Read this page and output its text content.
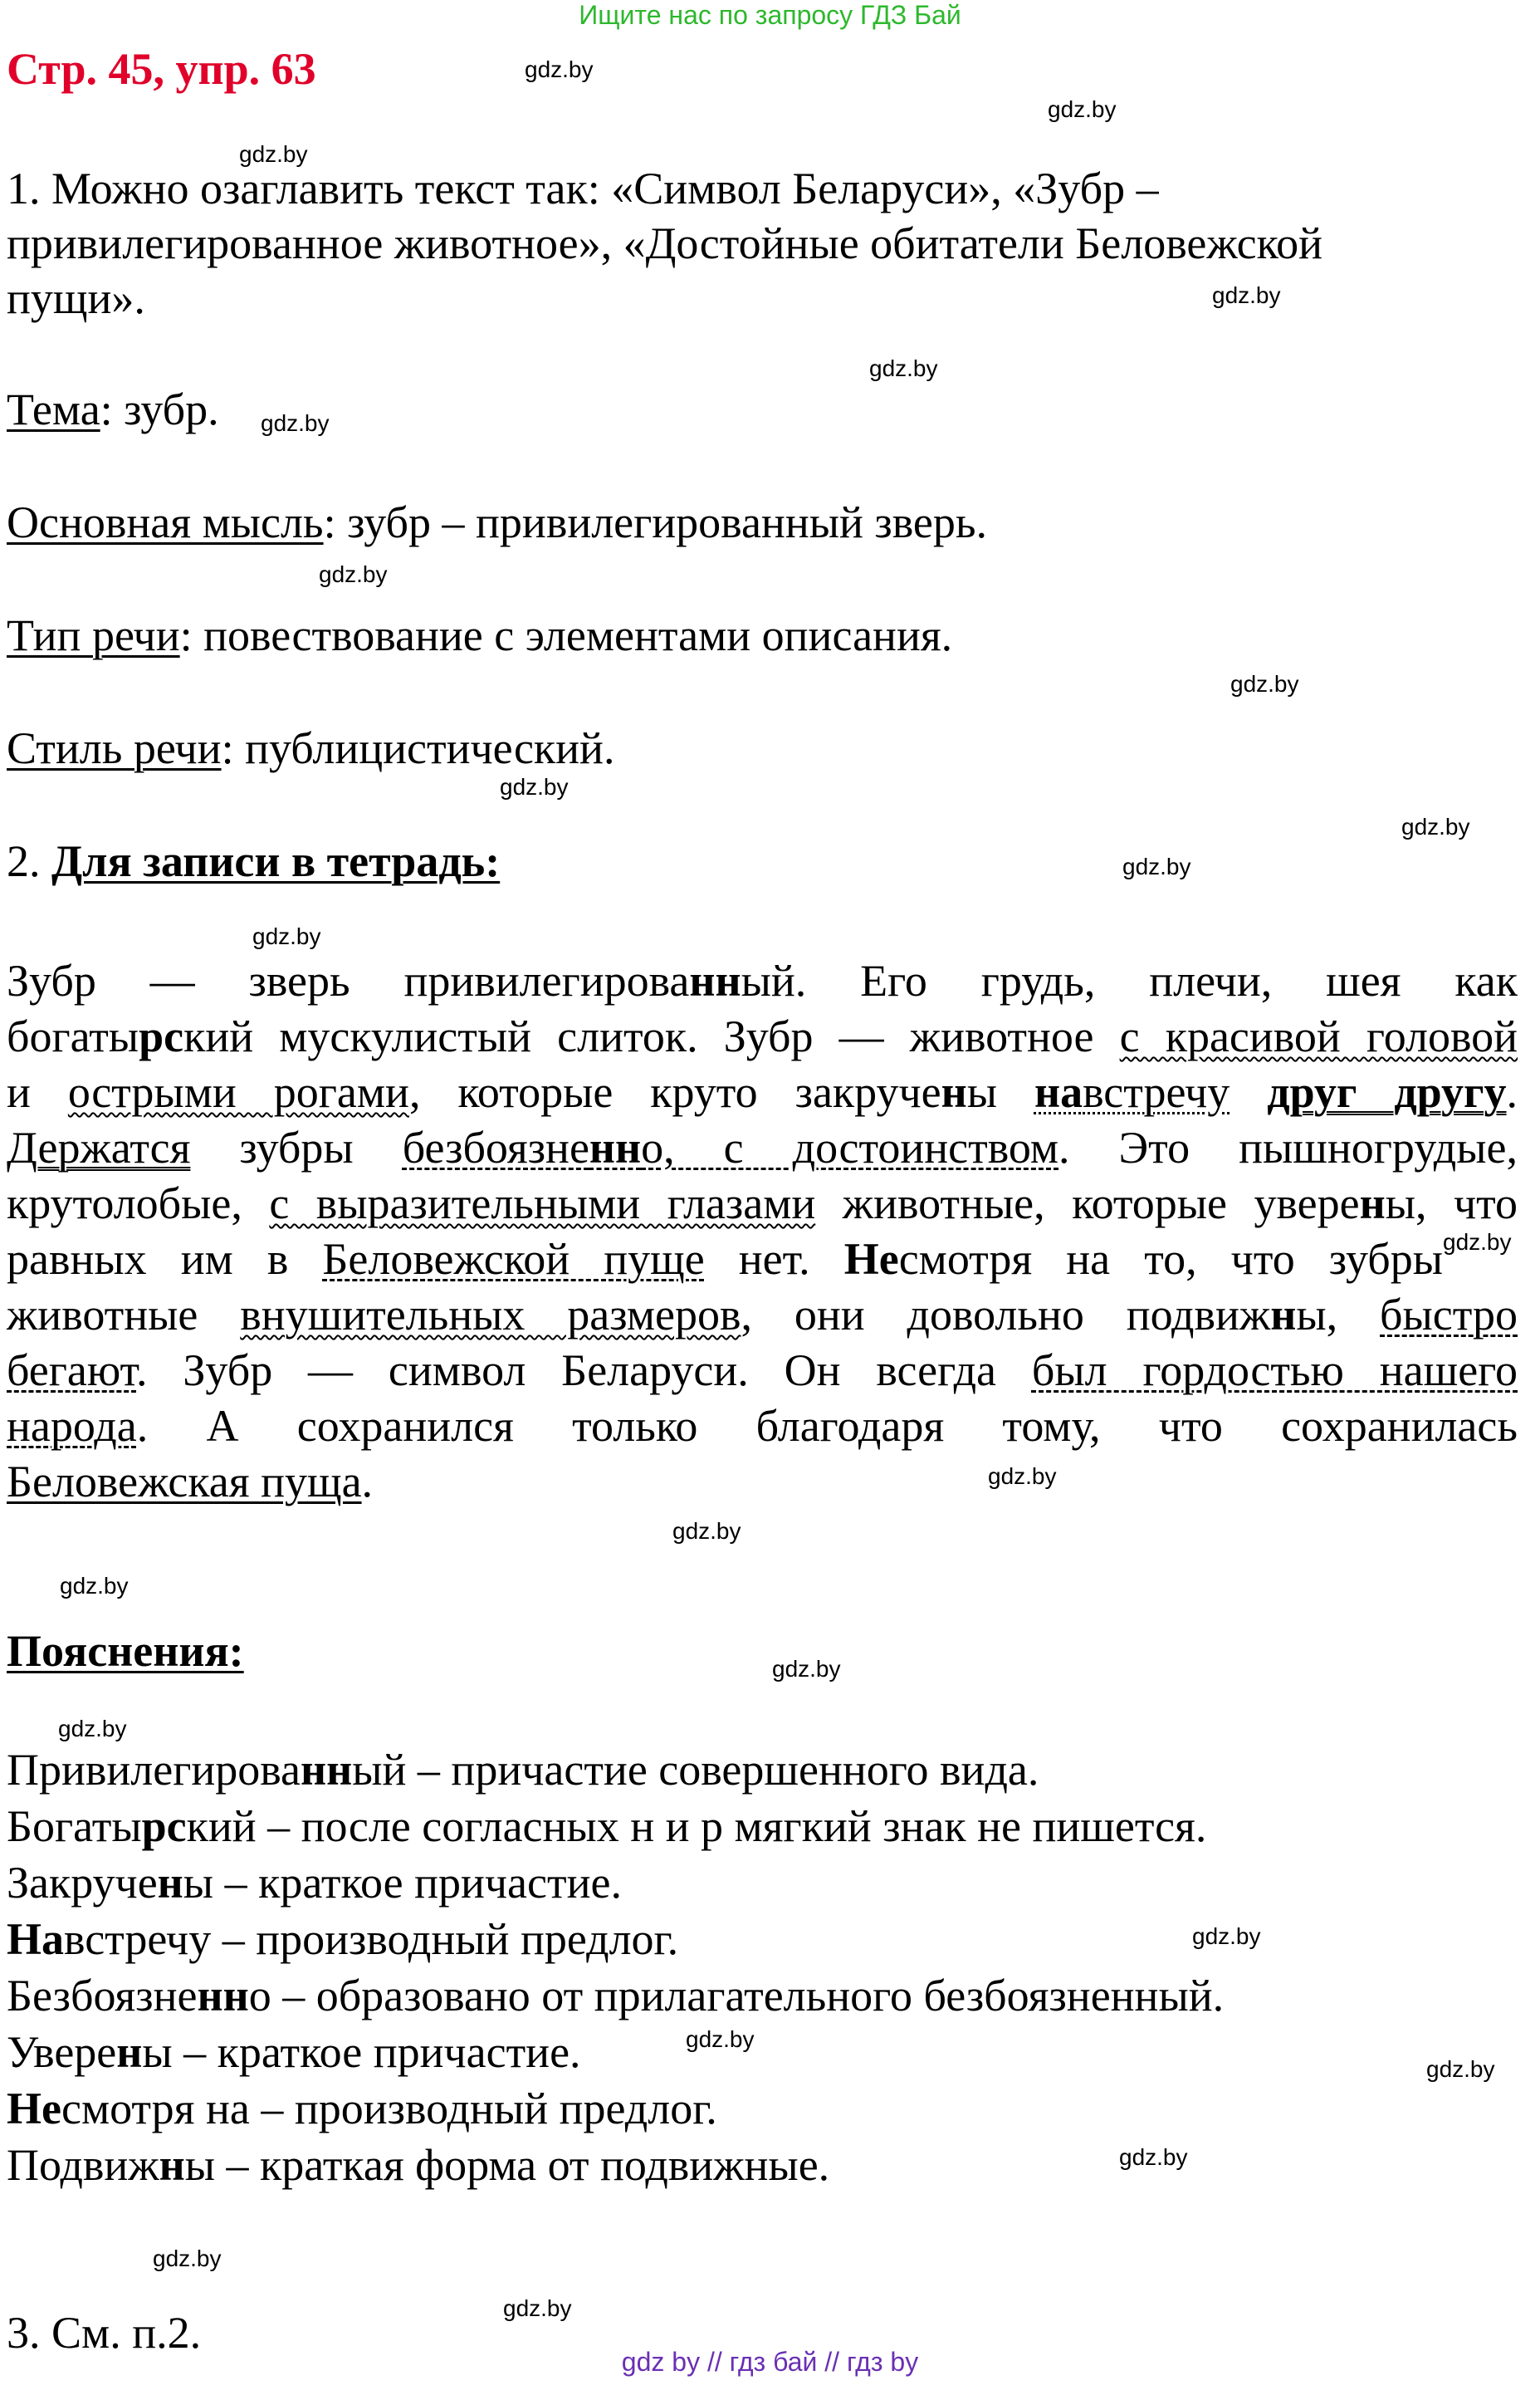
Ищите нас по запросу ГДЗ Бай
Стр. 45, упр. 63	gdz.by
gdz.by
gdz.by
gdz.by
gdz.by
gdz.by
gdz.by
gdz.by
gdz.by
gdz.by
gdz.by
gdz.by
gdz.by
gdz.by
gdz.by
gdz.by
gdz.by
gdz.by
gdz.by
gdz.by
gdz.by
gdz.by
gdz.by
gdz.by
1. Можно озаглавить текст так: «Символ Беларуси», «Зубр –
привилегированное животное», «Достойные обитатели Беловежской
пущи».
Тема: зубр.
Основная мысль: зубр – привилегированный зверь.
Тип речи: повествование с элементами описания.
Стиль речи: публицистический.
2. Для записи в тетрадь:
Зубр — зверь привилегированный. Его грудь, плечи, шея как
богатырский мускулистый слиток. Зубр — животное с красивой головой
и острыми рогами, которые круто закручены навстречу друг другу.
Держатся зубры безбоязненно, с достоинством. Это пышногрудые,
крутолобые, с выразительными глазами животные, которые уверены, что
равных им в Беловежской пуще нет. Несмотря на то, что зубры
животные внушительных размеров, они довольно подвижны, быстро
бегают. Зубр — символ Беларуси. Он всегда был гордостью нашего
народа. А сохранился только благодаря тому, что сохранилась
Беловежская пуща.
Пояснения:
Привилегированный – причастие совершенного вида.
Богатырский – после согласных н и р мягкий знак не пишется.
Закручены – краткое причастие.
Навстречу – производный предлог.
Безбоязненно – образовано от прилагательного безбоязненный.
Уверены – краткое причастие.
Несмотря на – производный предлог.
Подвижны – краткая форма от подвижные.
3. См. п.2.
gdz by // гдз бай // гдз by
